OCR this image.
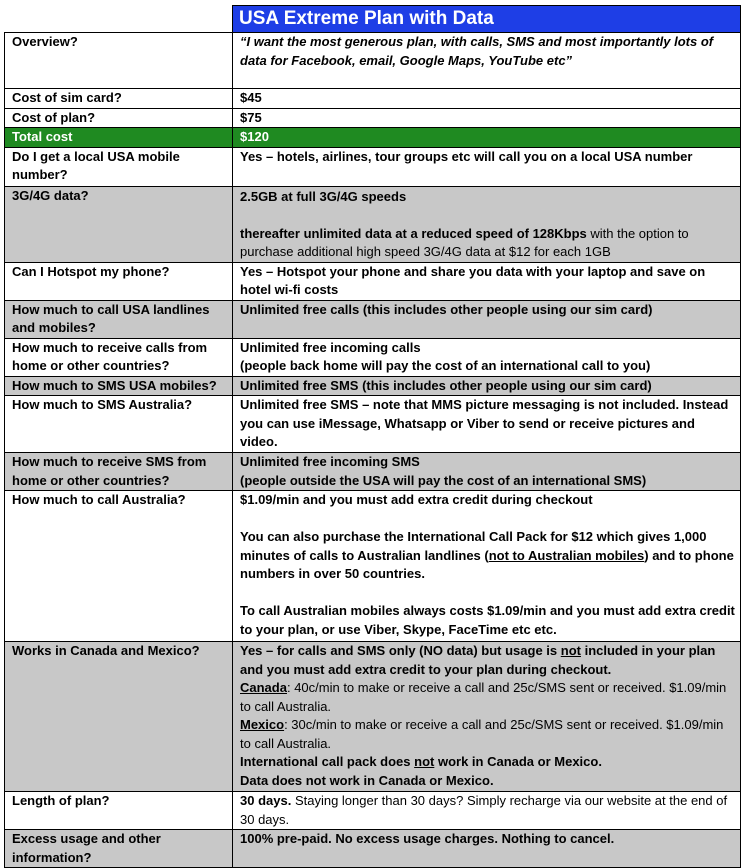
	USA Extreme Plan with Data
Overview?	“I want the most generous plan, with calls, SMS and most importantly lots of data for Facebook, email, Google Maps, YouTube etc”
Cost of sim card?	$45
Cost of plan?	$75
Total cost	$120
Do I get a local USA mobile number?	Yes – hotels, airlines, tour groups etc will call you on a local USA number
3G/4G data?	2.5GB at full 3G/4G speeds
thereafter unlimited data at a reduced speed of 128Kbps with the option to purchase additional high speed 3G/4G data at $12 for each 1GB

Can I Hotspot my phone?	Yes – Hotspot your phone and share you data with your laptop and save on hotel wi-fi costs
How much to call USA landlines and mobiles?	Unlimited free calls (this includes other people using our sim card)
How much to receive calls from home or other countries?	Unlimited free incoming calls
(people back home will pay the cost of an international call to you)

How much to SMS USA mobiles?	Unlimited free SMS (this includes other people using our sim card)
How much to SMS Australia?	Unlimited free SMS – note that MMS picture messaging is not included. Instead you can use iMessage, Whatsapp or Viber to send or receive pictures and video.
How much to receive SMS from home or other countries?	Unlimited free incoming SMS
(people outside the USA will pay the cost of an international SMS)

How much to call Australia?	$1.09/min and you must add extra credit during checkout
You can also purchase the International Call Pack for $12 which gives 1,000 minutes of calls to Australian landlines (not to Australian mobiles) and to phone numbers in over 50 countries.
To call Australian mobiles always costs $1.09/min and you must add extra credit to your plan, or use Viber, Skype, FaceTime etc etc.

Works in Canada and Mexico?	Yes – for calls and SMS only (NO data) but usage is not included in your plan and you must add extra credit to your plan during checkout.
Canada: 40c/min to make or receive a call and 25c/SMS sent or received. $1.09/min to call Australia.
Mexico: 30c/min to make or receive a call and 25c/SMS sent or received. $1.09/min to call Australia.
International call pack does not work in Canada or Mexico.
Data does not work in Canada or Mexico.

Length of plan?	30 days. Staying longer than 30 days? Simply recharge via our website at the end of 30 days.
Excess usage and other information?	100% pre-paid. No excess usage charges. Nothing to cancel.
